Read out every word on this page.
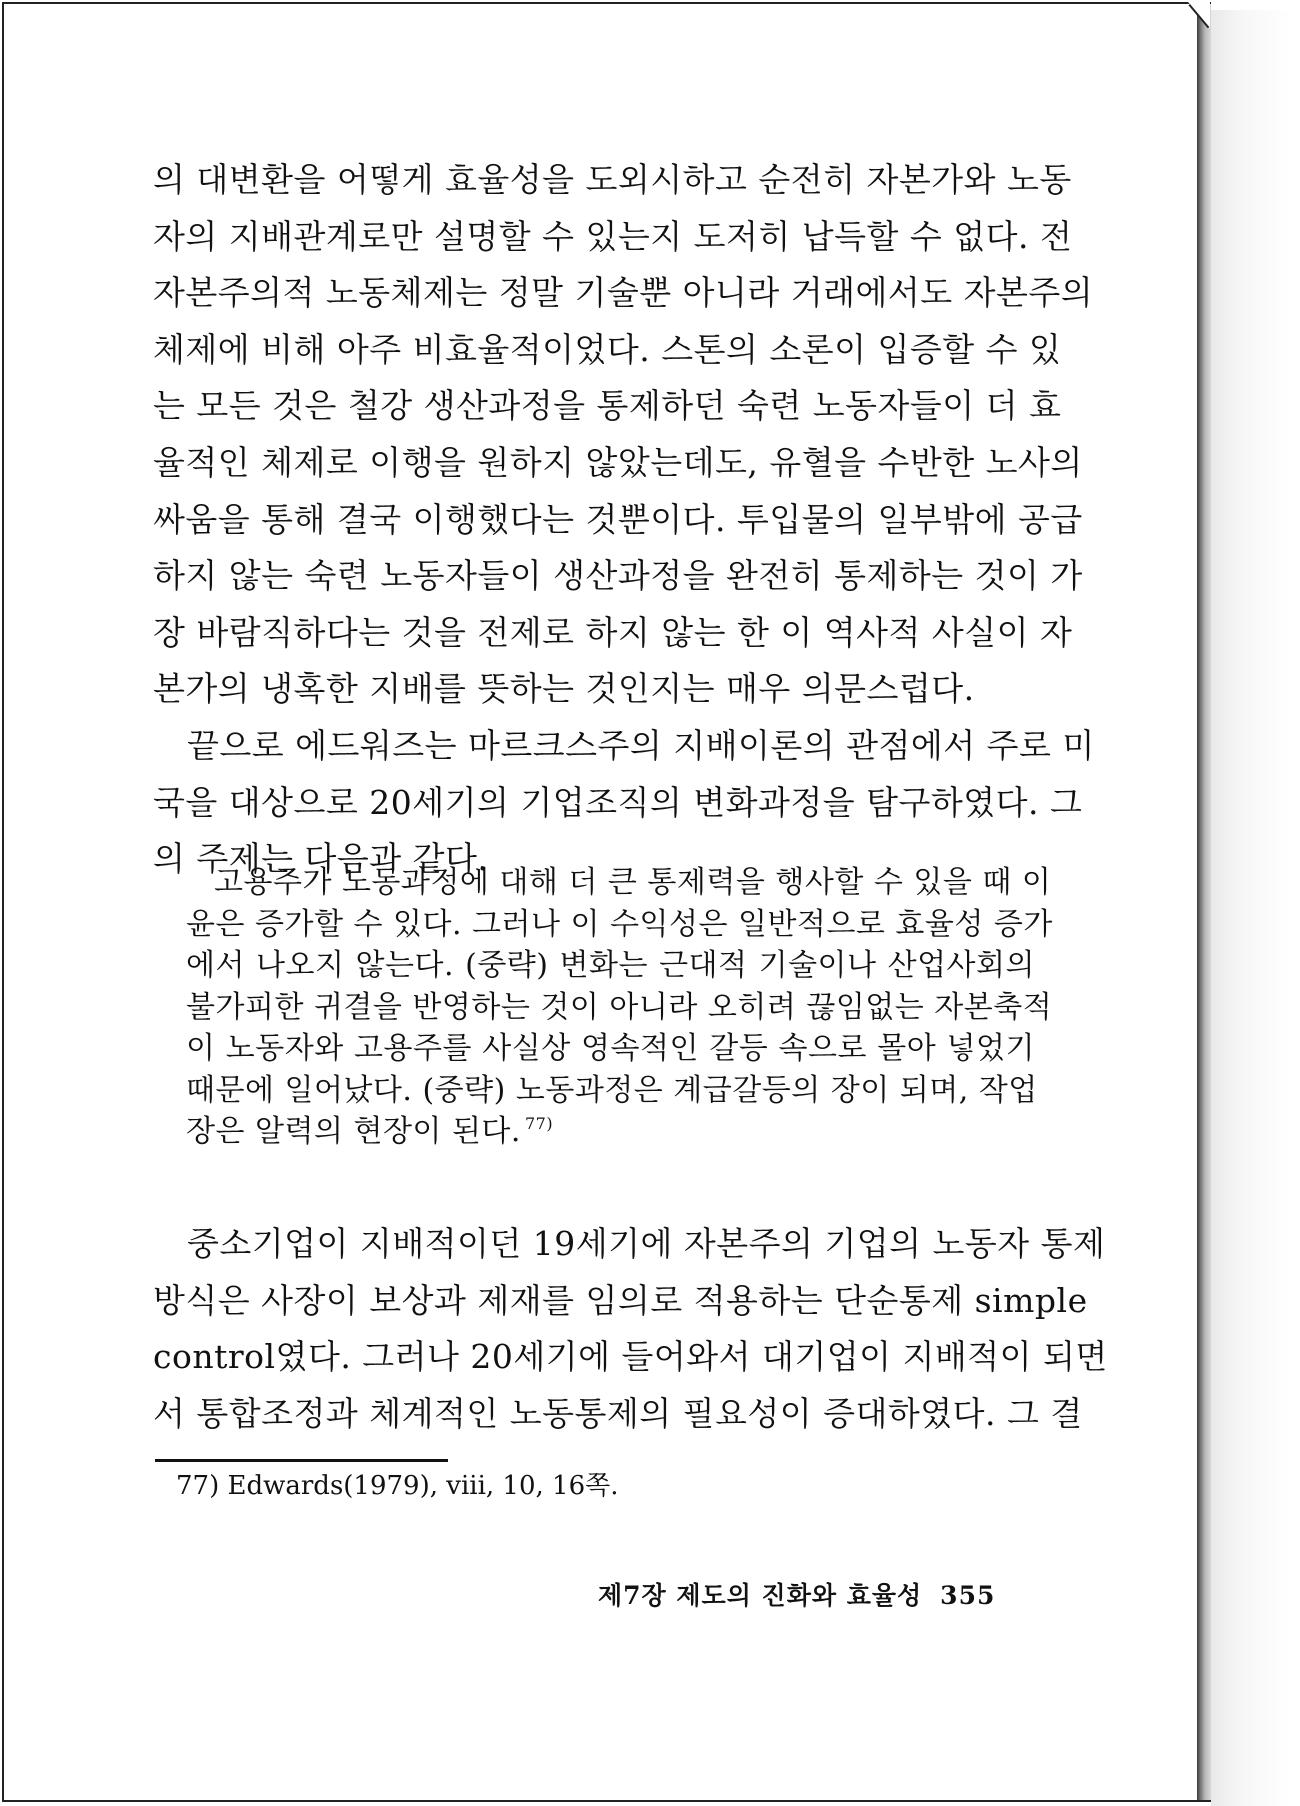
의 대변환을 어떻게 효율성을 도외시하고 순전히 자본가와 노동
자의 지배관계로만 설명할 수 있는지 도저히 납득할 수 없다. 전
자본주의적 노동체제는 정말 기술뿐 아니라 거래에서도 자본주의
체제에 비해 아주 비효율적이었다. 스톤의 소론이 입증할 수 있
는 모든 것은 철강 생산과정을 통제하던 숙련 노동자들이 더 효
율적인 체제로 이행을 원하지 않았는데도, 유혈을 수반한 노사의
싸움을 통해 결국 이행했다는 것뿐이다. 투입물의 일부밖에 공급
하지 않는 숙련 노동자들이 생산과정을 완전히 통제하는 것이 가
장 바람직하다는 것을 전제로 하지 않는 한 이 역사적 사실이 자
본가의 냉혹한 지배를 뜻하는 것인지는 매우 의문스럽다.
끝으로 에드워즈는 마르크스주의 지배이론의 관점에서 주로 미
국을 대상으로 20세기의 기업조직의 변화과정을 탐구하였다. 그
의 주제는 다음과 같다.
고용주가 노동과정에 대해 더 큰 통제력을 행사할 수 있을 때 이
윤은 증가할 수 있다. 그러나 이 수익성은 일반적으로 효율성 증가
에서 나오지 않는다. (중략) 변화는 근대적 기술이나 산업사회의
불가피한 귀결을 반영하는 것이 아니라 오히려 끊임없는 자본축적
이 노동자와 고용주를 사실상 영속적인 갈등 속으로 몰아 넣었기
때문에 일어났다. (중략) 노동과정은 계급갈등의 장이 되며, 작업
장은 알력의 현장이 된다. $^{77)}$
중소기업이 지배적이던 19세기에 자본주의 기업의 노동자 통제
방식은 사장이 보상과 제재를 임의로 적용하는 단순통제 simple
control였다. 그러나 20세기에 들어와서 대기업이 지배적이 되면
서 통합조정과 체계적인 노동통제의 필요성이 증대하였다. 그 결
77) Edwards(1979), viii, 10, 16쪽.
제7장 제도의 진화와 효율성 355
